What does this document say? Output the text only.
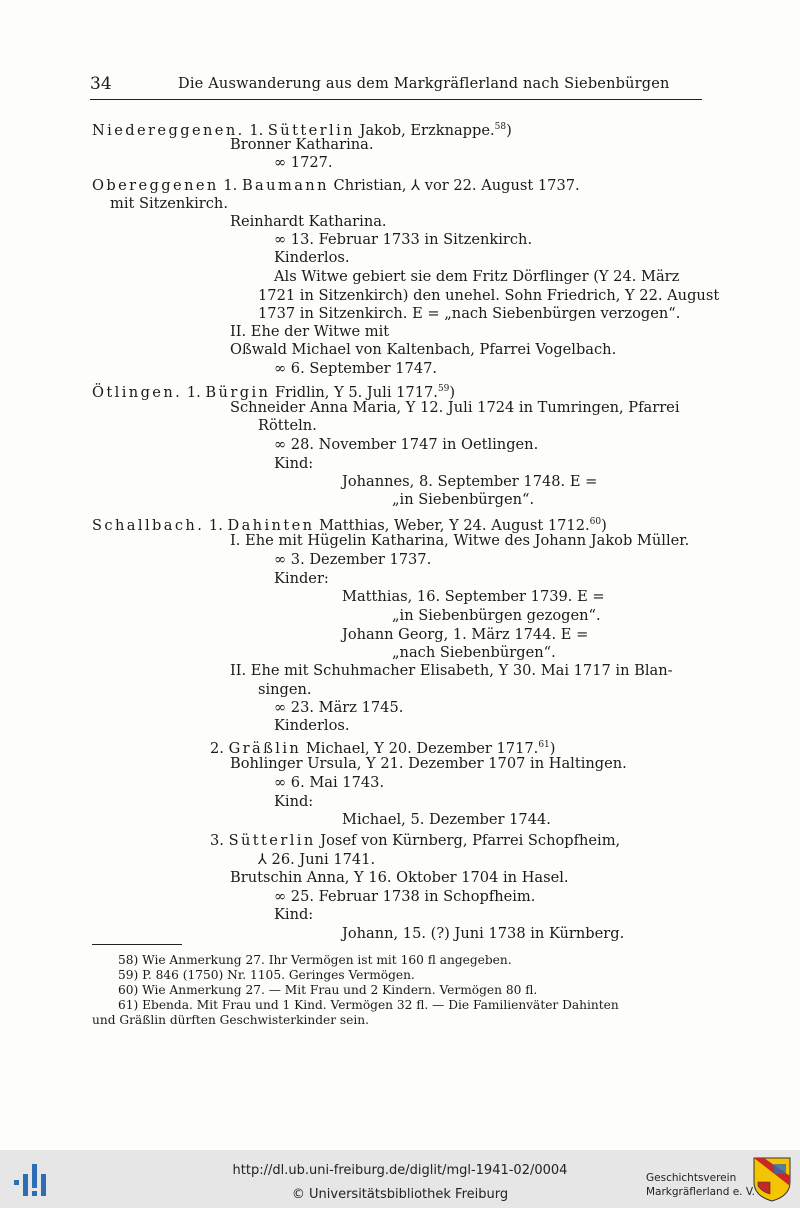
34	Die Auswanderung aus dem Markgräflerland nach Siebenbürgen
Niedereggenen. 1. Sütterlin Jakob, Erzknappe.$^{58}$)
Bronner Katharina.
∞ 1727.
Obereggenen 1. Baumann Christian, ⅄ vor 22. August 1737.
mit Sitzenkirch.
Reinhardt Katharina.
∞ 13. Februar 1733 in Sitzenkirch.
Kinderlos.
Als Witwe gebiert sie dem Fritz Dörflinger (Y 24. März
1721 in Sitzenkirch) den unehel. Sohn Friedrich, Y 22. August
1737 in Sitzenkirch. E = „nach Siebenbürgen verzogen“.
II. Ehe der Witwe mit
Oßwald Michael von Kaltenbach, Pfarrei Vogelbach.
∞ 6. September 1747.
Ötlingen. 1. Bürgin Fridlin, Y 5. Juli 1717.59)
Schneider Anna Maria, Y 12. Juli 1724 in Tumringen, Pfarrei
Rötteln.
∞ 28. November 1747 in Oetlingen.
Kind:
Johannes, 8. September 1748. E =
„in Siebenbürgen“.
Schallbach. 1. Dahinten Matthias, Weber, Y 24. August 1712.60)
I. Ehe mit Hügelin Katharina, Witwe des Johann Jakob Müller.
∞ 3. Dezember 1737.
Kinder:
Matthias, 16. September 1739. E =
„in Siebenbürgen gezogen“.
Johann Georg, 1. März 1744. E =
„nach Siebenbürgen“.
II. Ehe mit Schuhmacher Elisabeth, Y 30. Mai 1717 in Blan-
singen.
∞ 23. März 1745.
Kinderlos.
2. Gräßlin Michael, Y 20. Dezember 1717.61)
Bohlinger Ursula, Y 21. Dezember 1707 in Haltingen.
∞ 6. Mai 1743.
Kind:
Michael, 5. Dezember 1744.
3. Sütterlin Josef von Kürnberg, Pfarrei Schopfheim,
⅄ 26. Juni 1741.
Brutschin Anna, Y 16. Oktober 1704 in Hasel.
∞ 25. Februar 1738 in Schopfheim.
Kind:
Johann, 15. (?) Juni 1738 in Kürnberg.
58) Wie Anmerkung 27. Ihr Vermögen ist mit 160 fl angegeben.
59) P. 846 (1750) Nr. 1105. Geringes Vermögen.
60) Wie Anmerkung 27. — Mit Frau und 2 Kindern. Vermögen 80 fl.
61) Ebenda. Mit Frau und 1 Kind. Vermögen 32 fl. — Die Familienväter Dahinten
und Gräßlin dürften Geschwisterkinder sein.
http://dl.ub.uni-freiburg.de/diglit/mgl-1941-02/0004
© Universitätsbibliothek Freiburg
Geschichtsverein
Markgräflerland e. V.
